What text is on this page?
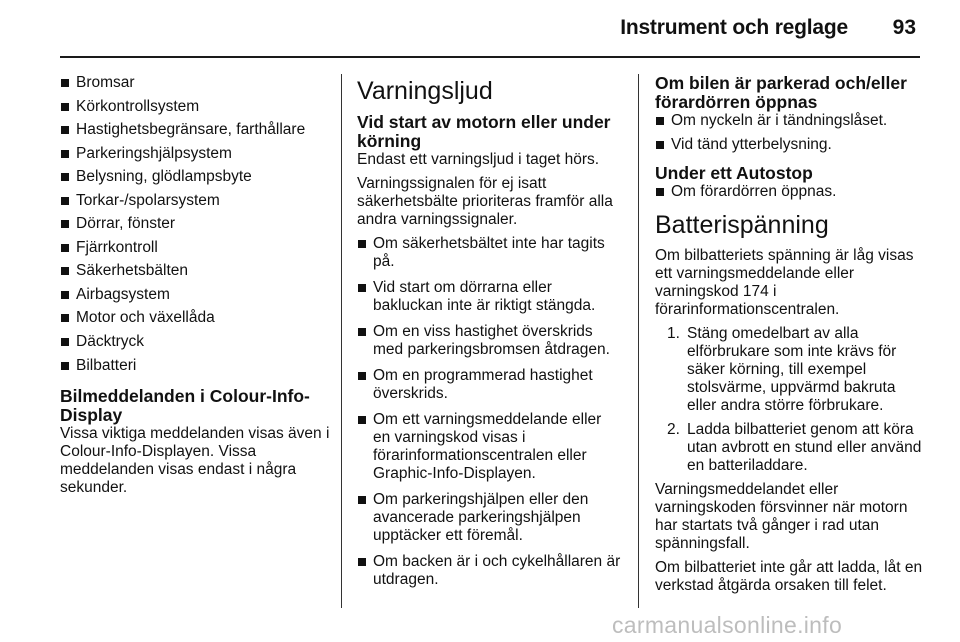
Instrument och reglage 93
Bromsar
Körkontrollsystem
Hastighetsbegränsare, farthållare
Parkeringshjälpsystem
Belysning, glödlampsbyte
Torkar-/spolarsystem
Dörrar, fönster
Fjärrkontroll
Säkerhetsbälten
Airbagsystem
Motor och växellåda
Däcktryck
Bilbatteri
Bilmeddelanden i Colour-Info-Display

Vissa viktiga meddelanden visas även i Colour-Info-Displayen. Vissa meddelanden visas endast i några sekunder.

Varningsljud
Vid start av motorn eller under körning

Endast ett varningsljud i taget hörs.

Varningssignalen för ej isatt säkerhetsbälte prioriteras framför alla andra varningssignaler.

Om säkerhetsbältet inte har tagits på.
Vid start om dörrarna eller bakluckan inte är riktigt stängda.
Om en viss hastighet överskrids med parkeringsbromsen åtdragen.
Om en programmerad hastighet överskrids.
Om ett varningsmeddelande eller en varningskod visas i förarinformationscentralen eller Graphic-Info-Displayen.
Om parkeringshjälpen eller den avancerade parkeringshjälpen upptäcker ett föremål.
Om backen är i och cykelhållaren är utdragen.
Om bilen är parkerad och/eller förardörren öppnas
Om nyckeln är i tändningslåset.
Vid tänd ytterbelysning.
Under ett Autostop
Om förardörren öppnas.
Batterispänning

Om bilbatteriets spänning är låg visas ett varningsmeddelande eller varningskod 174 i förarinformationscentralen.

1. Stäng omedelbart av alla elförbrukare som inte krävs för säker körning, till exempel stolsvärme, uppvärmd bakruta eller andra större förbrukare.
2. Ladda bilbatteriet genom att köra utan avbrott en stund eller använd en batteriladdare.

Varningsmeddelandet eller varningskoden försvinner när motorn har startats två gånger i rad utan spänningsfall.

Om bilbatteriet inte går att ladda, låt en verkstad åtgärda orsaken till felet.

carmanualsonline.info
